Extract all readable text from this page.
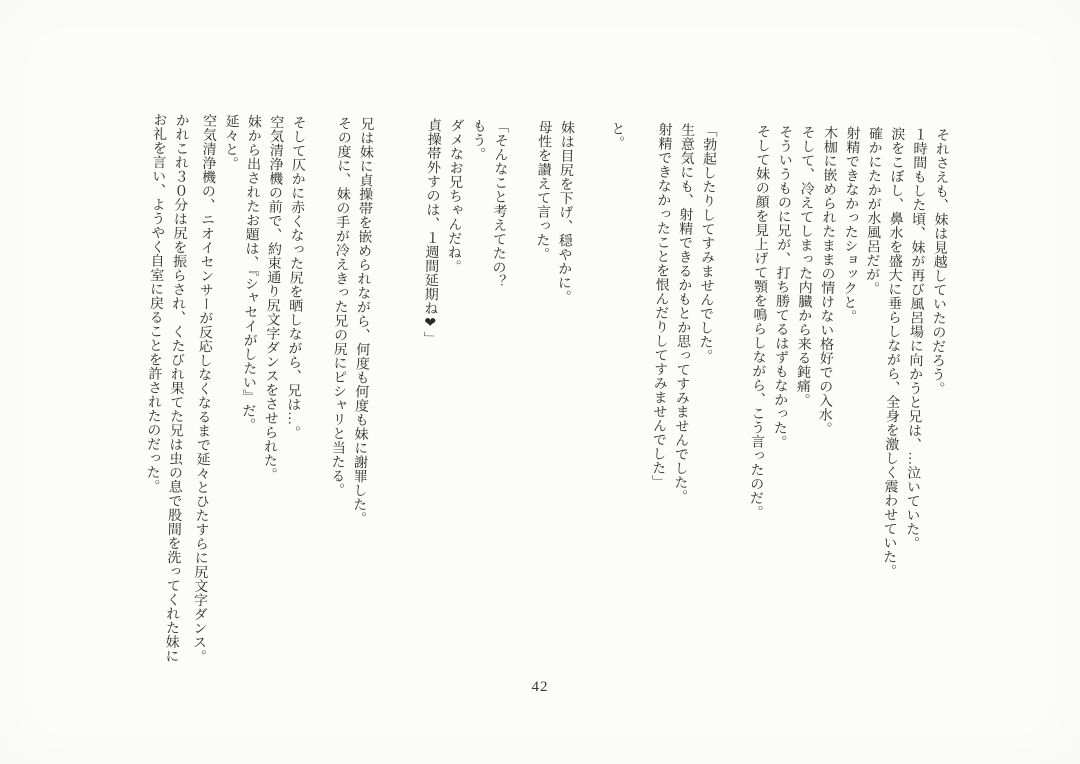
それさえも、妹は見越していたのだろう。
１時間もした頃、妹が再び風呂場に向かうと兄は、…泣いていた。
涙をこぼし、鼻水を盛大に垂らしながら、全身を激しく震わせていた。
確かにたかが水風呂だが。
射精できなかったショックと。
木枷に嵌められたままの情けない格好での入水。
そして、冷えてしまった内臓から来る鈍痛。
そういうものに兄が、打ち勝てるはずもなかった。
そして妹の顔を見上げて顎を鳴らしながら、こう言ったのだ。

「勃起したりしてすみませんでした。
生意気にも、射精できるかもとか思ってすみませんでした。
射精できなかったことを恨んだりしてすみませんでした」

と。

妹は目尻を下げ、穏やかに。
母性を讃えて言った。

「そんなこと考えてたの？
もう。
ダメなお兄ちゃんだね。
貞操帯外すのは、１週間延期ね❤」

兄は妹に貞操帯を嵌められながら、何度も何度も妹に謝罪した。
その度に、妹の手が冷えきった兄の尻にピシャリと当たる。

そして仄かに赤くなった尻を晒しながら、兄は…。
空気清浄機の前で、約束通り尻文字ダンスをさせられた。
妹から出されたお題は、『シャセイがしたい』だ。
延々と。
空気清浄機の、ニオイセンサーが反応しなくなるまで延々とひたすらに尻文字ダンス。

かれこれ３０分は尻を振らされ、くたびれ果てた兄は虫の息で股間を洗ってくれた妹に
お礼を言い、ようやく自室に戻ることを許されたのだった。

42
